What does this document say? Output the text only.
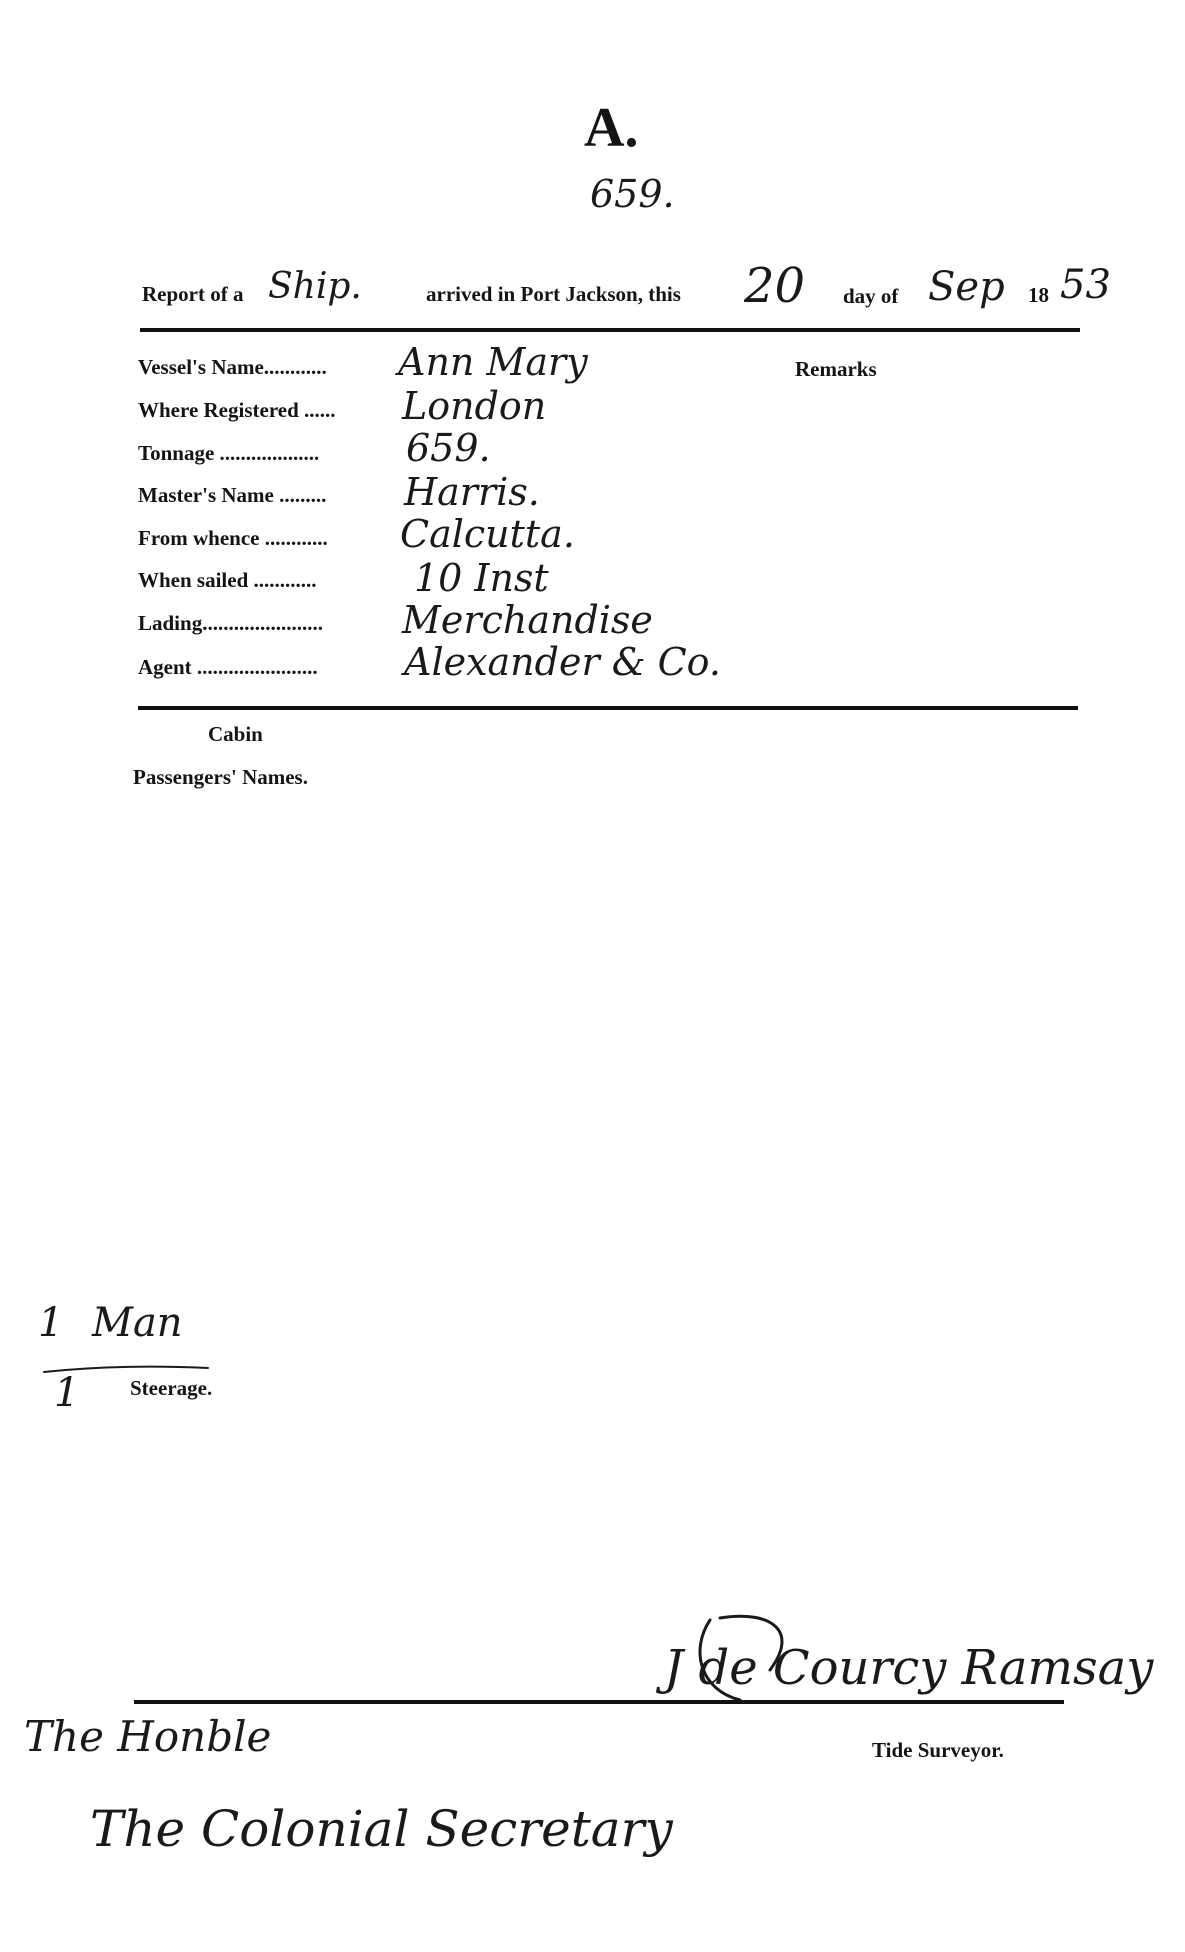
A.
659.
Report of a Ship.	arrived in Port Jackson, this 20 day of Sep 18 53
Vessel's Name............	Ann Mary
Where Registered ......	London
Tonnage ...................	659.
Master's Name .........	Harris.
From whence ............	Calcutta.
When sailed ............	10 Inst
Lading.......................	Merchandise
Agent .......................	Alexander & Co.
Remarks
Cabin
Passengers' Names.
1 Man
1 Steerage.
J de Courcy Ramsay
Tide Surveyor.
The Honble
The Colonial Secretary
